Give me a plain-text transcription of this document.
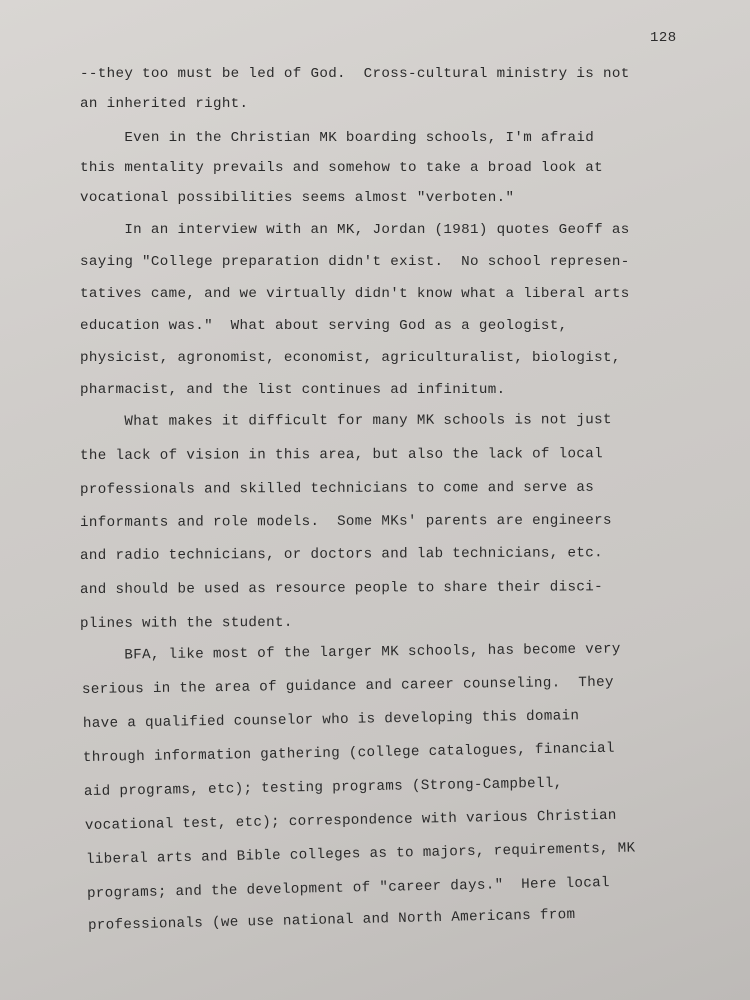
128
--they too must be led of God.  Cross-cultural ministry is not
an inherited right.
Even in the Christian MK boarding schools, I'm afraid
this mentality prevails and somehow to take a broad look at
vocational possibilities seems almost "verboten."
In an interview with an MK, Jordan (1981) quotes Geoff as
saying "College preparation didn't exist.  No school represen-
tatives came, and we virtually didn't know what a liberal arts
education was."  What about serving God as a geologist,
physicist, agronomist, economist, agriculturalist, biologist,
pharmacist, and the list continues ad infinitum.
What makes it difficult for many MK schools is not just
the lack of vision in this area, but also the lack of local
professionals and skilled technicians to come and serve as
informants and role models.  Some MKs' parents are engineers
and radio technicians, or doctors and lab technicians, etc.
and should be used as resource people to share their disci-
plines with the student.
BFA, like most of the larger MK schools, has become very
serious in the area of guidance and career counseling.  They
have a qualified counselor who is developing this domain
through information gathering (college catalogues, financial
aid programs, etc); testing programs (Strong-Campbell,
vocational test, etc); correspondence with various Christian
liberal arts and Bible colleges as to majors, requirements, MK
programs; and the development of "career days."  Here local
professionals (we use national and North Americans from
